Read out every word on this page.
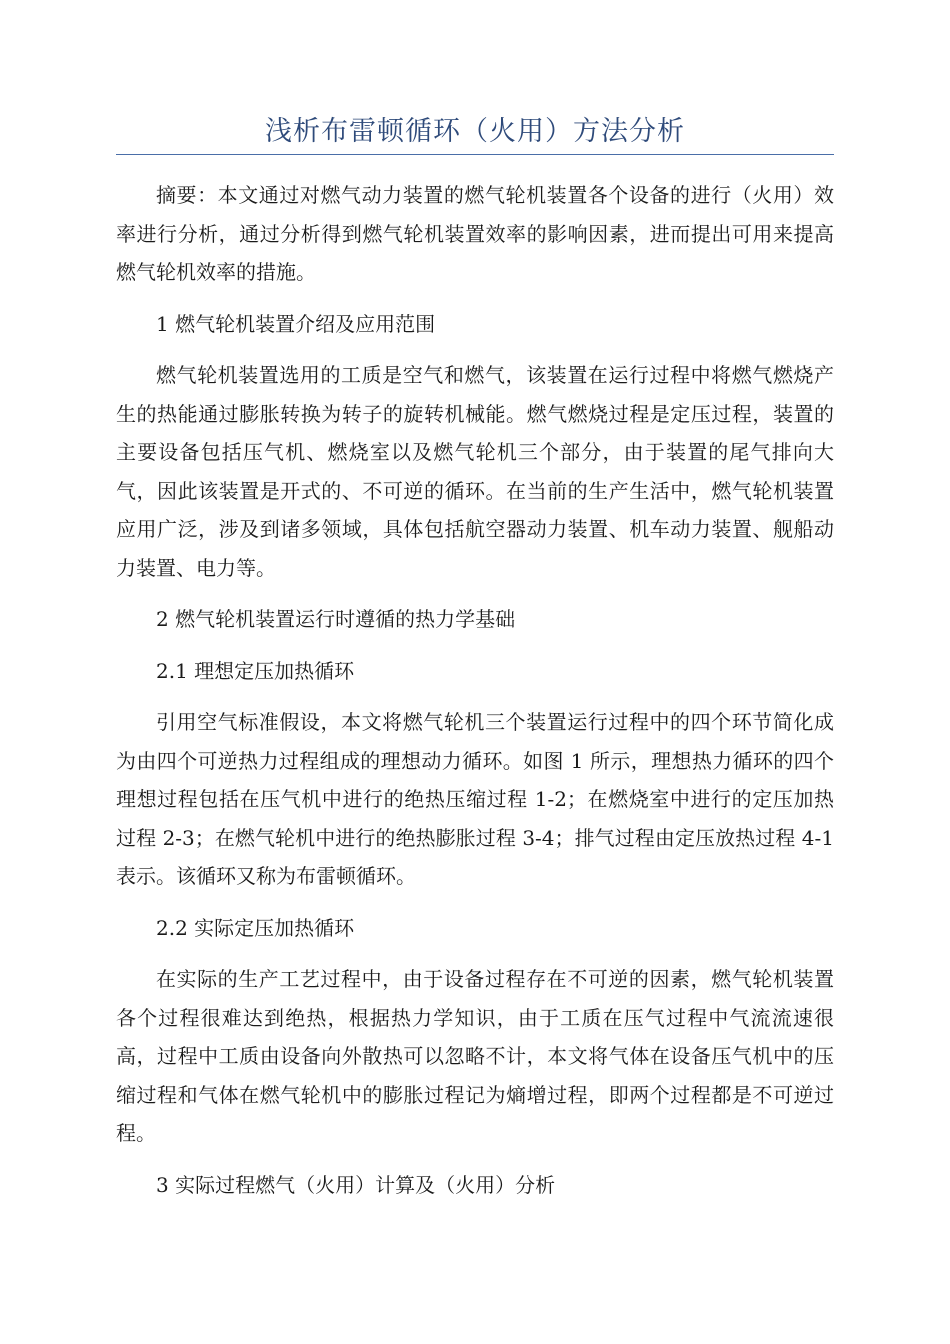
浅析布雷顿循环（火用）方法分析

摘要：本文通过对燃气动力装置的燃气轮机装置各个设备的进行（火用）效率进行分析，通过分析得到燃气轮机装置效率的影响因素，进而提出可用来提高燃气轮机效率的措施。

1 燃气轮机装置介绍及应用范围

燃气轮机装置选用的工质是空气和燃气，该装置在运行过程中将燃气燃烧产生的热能通过膨胀转换为转子的旋转机械能。燃气燃烧过程是定压过程，装置的主要设备包括压气机、燃烧室以及燃气轮机三个部分，由于装置的尾气排向大气，因此该装置是开式的、不可逆的循环。在当前的生产生活中，燃气轮机装置应用广泛，涉及到诸多领域，具体包括航空器动力装置、机车动力装置、舰船动力装置、电力等。

2 燃气轮机装置运行时遵循的热力学基础

2.1 理想定压加热循环

引用空气标准假设，本文将燃气轮机三个装置运行过程中的四个环节简化成为由四个可逆热力过程组成的理想动力循环。如图 1 所示，理想热力循环的四个理想过程包括在压气机中进行的绝热压缩过程 1-2；在燃烧室中进行的定压加热过程 2-3；在燃气轮机中进行的绝热膨胀过程 3-4；排气过程由定压放热过程 4-1 表示。该循环又称为布雷顿循环。

2.2 实际定压加热循环

在实际的生产工艺过程中，由于设备过程存在不可逆的因素，燃气轮机装置各个过程很难达到绝热，根据热力学知识，由于工质在压气过程中气流流速很高，过程中工质由设备向外散热可以忽略不计，本文将气体在设备压气机中的压缩过程和气体在燃气轮机中的膨胀过程记为熵增过程，即两个过程都是不可逆过程。

3 实际过程燃气（火用）计算及（火用）分析
